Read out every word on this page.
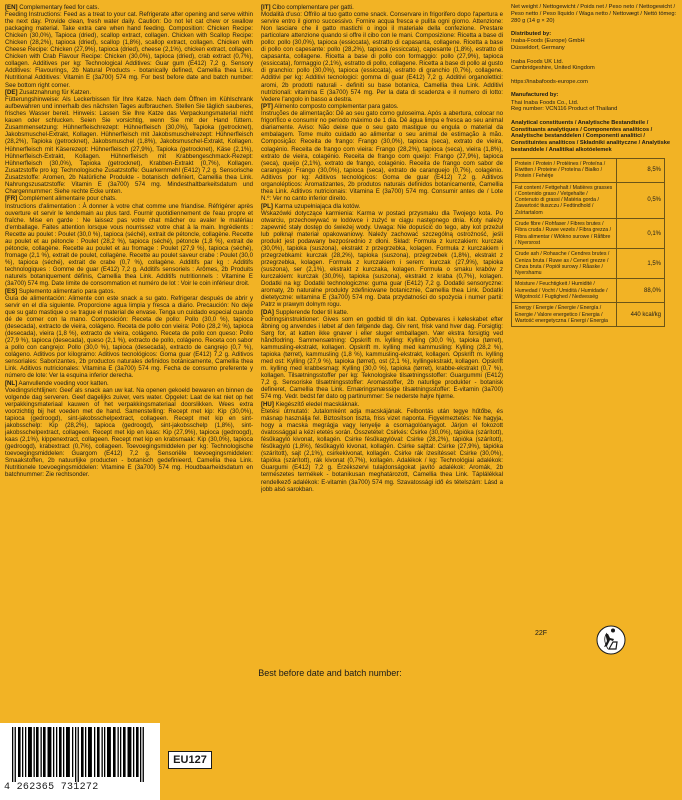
[EN] Complementary feed for cats.
Feeding Instructions: Feed as a treat to your cat. Refrigerate after opening and serve within the next day. Provide clean, fresh water daily. Caution: Do not let cat chew or swallow packaging material. Take extra care when hand feeding. Composition: Chicken Recipe: Chicken (30,0%), Tapioca (dried), scallop extract, collagen. Chicken with Scallop Recipe: Chicken (28,2%), tapioca (dried), scallop (1,8%), scallop extract, collagen. Chicken with Cheese Recipe: Chicken (27,9%), tapioca (dried), cheese (2,1%), chicken extract, collagen. Chicken with Crab Flavour Recipe: Chicken (30,0%), tapioca (dried), crab extract (0,7%), collagen. Additives per kg: Technological Additives: Guar gum (E412) 7,2 g. Sensory Additives: Flavourings, 2b Natural Products - botanically defined, Camellia thea Link. Nutritional Additives: Vitamin E (3a700) 574 mg. For best before date and batch number: See bottom right corner.

[DE] Zusatznahrung für Katzen.
Fütterungshinweise: Als Leckerbissen für Ihre Katze. Nach dem Öffnen im Kühlschrank aufbewahren und innerhalb des nächsten Tages aufbrauchen. Stellen Sie täglich sauberes, frisches Wasser bereit. Hinweis: Lassen Sie Ihre Katze das Verpackungsmaterial nicht kauen oder schlucken. Seien Sie vorsichtig, wenn Sie mit der Hand füttern. Zusammensetzung: Hühnerfleischrezept: Hühnerfleisch (30,0%), Tapioka (getrocknet), Jakobsmuschel-Extrakt, Kollagen. Hühnerfleisch mit Jakobsmuschelrezept: Hühnerfleisch (28,2%), Tapioka (getrocknet), Jakobsmuschel (1,8%), Jakobsmuschel-Extrakt, Kollagen. Hühnerfleisch mit Käserezept: Hühnerfleisch (27,9%), Tapioka (getrocknet), Käse (2,1%), Hühnerfleisch-Extrakt, Kollagen. Hühnerfleisch mit Krabbengeschmack-Rezept: Hühnerfleisch (30,0%), Tapioka (getrocknet), Krabben-Extrakt (0,7%), Kollagen. Zusatzstoffe pro kg: Technologische Zusatzstoffe: Guarkernmehl (E412) 7,2 g. Sensorische Zusatzstoffe: Aromen, 2b Natürliche Produkte - botanisch definiert, Camellia thea Link. Nahrungszusatzstoffe: Vitamin E (3a700) 574 mg. Mindesthaltbarkeitsdatum und Chargennummer: Siehe rechte Ecke unten.

[FR] Complément alimentaire pour chats.
Instructions d'alimentation : À donner à votre chat comme une friandise. Réfrigérer après ouverture et servir le lendemain au plus tard. Fournir quotidiennement de l'eau propre et fraîche. Mise en garde : Ne laissez pas votre chat mâcher ou avaler le matériau d'emballage. Faites attention lorsque vous nourrissez votre chat à la main. Ingrédients : Recette au poulet : Poulet (30,0 %), tapioca (séché), extrait de pétoncle, collagène. Recette au poulet et au pétoncle : Poulet (28,2 %), tapioca (séché), pétoncle (1,8 %), extrait de pétoncle, collagène. Recette au poulet et au fromage : Poulet (27,9 %), tapioca (séché), fromage (2,1 %), extrait de poulet, collagène. Recette au poulet saveur crabe : Poulet (30,0 %), tapioca (séché), extrait de crabe (0,7 %), collagène. Additifs par kg : Additifs technologiques : Gomme de guar (E412) 7,2 g. Additifs sensoriels : Arômes, 2b Produits naturels botaniquement définis, Camellia thea Link. Additifs nutritionnels : Vitamine E (3a700) 574 mg. Date limite de consommation et numéro de lot : Voir le coin inférieur droit.

[ES] Suplemento alimentario para gatos.
Guía de alimentación: Alimente con este snack a su gato. Refrigerar después de abrir y servir en el día siguiente. Proporcione agua limpia y fresca a diario. Precaución: No deje que su gato mastique o se trague el material de envase. Tenga un cuidado especial cuando dé de comer con la mano. Composición: Receta de pollo: Pollo (30,0 %), tapioca (desecada), extracto de vieira, colágeno. Receta de pollo con vieira: Pollo (28,2 %), tapioca (desecada), vieira (1,8 %), extracto de vieira, colágeno. Receta de pollo con queso: Pollo (27,9 %), tapioca (desecada), queso (2,1 %), extracto de pollo, colágeno. Receta con sabor a pollo con cangrejo: Pollo (30,0 %), tapioca (desecada), extracto de cangrejo (0,7 %), colágeno. Aditivos por kilogramo: Aditivos tecnológicos: Goma guar (E412) 7,2 g. Aditivos sensoriales: Saborizantes, 2b productos naturales definidos botánicamente, Camellia thea Link. Aditivos nutricionales: Vitamina E (3a700) 574 mg. Fecha de consumo preferente y número de lote: Ver la esquina inferior derecha.

[NL] Aanvullende voeding voor katten.
Voedingsrichtlijnen: Geef als snack aan uw kat. Na openen gekoeld bewaren en binnen de volgende dag serveren. Geef dagelijks zuiver, vers water. Opgelet: Laat de kat niet op het verpakkingsmateriaal kauwen of het verpakkingsmateriaal doorslikken. Wees extra voorzichtig bij het voeden met de hand. Samenstelling: Recept met kip: Kip (30,0%), tapioca (gedroogd), sint-jakobsschelpextract, collageen. Recept met kip en sint-jakobsschelp: Kip (28,2%), tapioca (gedroogd), sint-jakobsschelp (1,8%), sint-jakobsschelpextract, collageen. Recept met kip en kaas: Kip (27,9%), tapioca (gedroogd), kaas (2,1%), kippenextract, collageen. Recept met kip en krabsmaak: Kip (30,0%), tapioca (gedroogd), krabextract (0,7%), collageen. Toevoegingsmiddelen per kg: Technologische toevoegingsmiddelen: Guargom (E412) 7,2 g. Sensoriële toevoegingsmiddelen: Smaakstoffen, 2b natuurlijke producten - botanisch gedefinieerd, Camellia thea Link. Nutritionele toevoegingsmiddelen: Vitamine E (3a700) 574 mg. Houdbaarheidsdatum en batchnummer: Zie rechtsonder.

[IT] Cibo complementare per gatti.
Modalità d'uso: Offrilo al tuo gatto come snack. Conservare in frigorifero dopo l'apertura e servire entro il giorno successivo. Fornire acqua fresca e pulita ogni giorno. Attenzione: Non lasciare che il gatto mastichi o ingoi il materiale della confezione. Prestare particolare attenzione quando si offre il cibo con le mani. Composizione: Ricetta a base di pollo: pollo (30,0%), tapioca (essiccata), estratto di capasanta, collagene. Ricetta a base di pollo con capesante: pollo (28,2%), tapioca (essiccata), capesante (1,8%), estratto di capasanta, collagene. Ricetta a base di pollo con formaggio: pollo (27,9%), tapioca (essiccata), formaggio (2,1%), estratto di pollo, collagene. Ricetta a base di pollo al gusto di granchio: pollo (30,0%), tapioca (essiccata), estratto di granchio (0,7%), collagene. Additivi per kg: Additivi tecnologici: gomma di guar (E412) 7,2 g. Additivi organolettici: aromi, 2b prodotti naturali - definiti su base botanica, Camellia thea Link. Additivi nutrizionali: vitamina E (3a700) 574 mg. Per la data di scadenza e il numero di lotto: Vedere l'angolo in basso a destra.

[PT] Alimento composto complementar para gatos.
Instruções de alimentação: Dê ao seu gato como guloseima. Após a abertura, colocar no frigorífico e consumir no período máximo de 1 dia. Dê água limpa e fresca ao seu animal diariamente. Aviso: Não deixe que o seu gato mastigue ou engula o material da embalagem. Tome muito cuidado ao alimentar o seu animal de estimação à mão. Composição: Receita de frango: Frango (30,0%), tapioca (seca), extrato de vieira, colagénio. Receita de frango com vieira: Frango (28,2%), tapioca (seca), vieira (1,8%), extrato de vieira, colagénio. Receita de frango com queijo: Frango (27,9%), tapioca (seca), queijo (2,1%), extrato de frango, colagénio. Receita de frango com sabor de caranguejo: Frango (30,0%), tapioca (seca), extrato de caranguejo (0,7%), colagénio. Aditivos por kg: Aditivos tecnológicos: Goma de guar (E412) 7,2 g. Aditivos organolépticos: Aromatizantes, 2b produtos naturais definidos botanicamente, Camellia thea Link. Aditivos nutricionais: Vitamina E (3a700) 574 mg. Consumir antes de / Lote N.º: Ver no canto inferior direito.

[PL] Karma uzupełniająca dla kotów.
Wskazówki dotyczące karmienia: Karma w postaci przysmaku dla Twojego kota. Po otwarciu, przechowywać w lodówce i zużyć w ciągu następnego dnia. Koty należy zapewnić stały dostęp do świeżej wody. Uwaga: Nie dopuścić do tego, aby kot przeżuł lub połknął materiał opakowaniowy. Należy zachować szczególną ostrożność, jeśli produkt jest podawany bezpośrednio z dłoni. Skład: Formuła z kurczakiem: kurczak (30,0%), tapioka (suszona), ekstrakt z przegrzebka, kolagen. Formuła z kurczakiem i przegrzebkami: kurczak (28,2%), tapioka (suszona), przegrzebek (1,8%), ekstrakt z przegrzebka, kolagen. Formuła z kurczakiem i serem: kurczak (27,9%), tapioka (suszona), ser (2,1%), ekstrakt z kurczaka, kolagen. Formuła o smaku krabów z kurczakiem: kurczak (30,0%), tapioka (suszona), ekstrakt z kraba (0,7%), kolagen. Dodatki na kg: Dodatki technologiczne: guma guar (E412) 7,2 g. Dodatki sensoryczne: aromaty, 2b naturalne produkty zdefiniowane botanicznie, Camellia thea Link. Dodatki dietetyczne: witamina E (3a700) 574 mg. Data przydatności do spożycia i numer partii: Patrz w prawym dolnym rogu.

[DA] Supplerende foder til katte.
Fodringsinstruktioner: Gives som en godbid til din kat. Opbevares i køleskabet efter åbning og anvendes i løbet af den følgende dag. Giv rent, frisk vand hver dag. Forsigtig: Sørg for, at katten ikke gnaver i eller sluger emballagen. Vær ekstra forsigtig ved håndfodring. Sammensætning: Opskrift m. kylling: Kylling (30,0 %), tapioka (tørret), kammusling-ekstrakt, kollagen. Opskrift m. kylling med kammusling: Kylling (28,2 %), tapioka (tørret), kammusling (1,8 %), kammusling-ekstrakt, kollagen. Opskrift m. kylling med ost: Kylling (27,9 %), tapioka (tørret), ost (2,1 %), kyllingekstrakt, kollagen. Opskrift m. kylling med krabbesmag: Kylling (30,0 %), tapioka (tørret), krabbe-ekstrakt (0,7 %), kollagen. Tilsætningsstoffer per kg: Teknologiske tilsætningsstoffer: Guargummi (E412) 7,2 g. Sensoriske tilsætningsstoffer: Aromastoffer, 2b naturlige produkter - botanisk defineret, Camellia thea Link. Ernæringsmæssige tilsætningsstoffer: E-vitamin (3a700) 574 mg. Vedr. bedst før dato og partinummer: Se nederste højre hjørne.

[HU] Kiegészítő eledel macskáknak.
Etetési útmutató: Jutalomként adja macskájának. Felbontás után tegye hűtőbe, és másnap használja fel. Biztosítson tiszta, friss vizet naponta. Figyelmeztetés: Ne hagyja, hogy a macska megrágja vagy lenyelje a csomagolóanyagot. Járjon el fokozott óvatossággal a kézi etetés során. Összetétel: Csirkés: Csirke (30,0%), tápióka (szárított), fésűkagyló kivonat, kollagén. Csirke fésűkagylóval: Csirke (28,2%), tápióka (szárított), fésűkagyló (1,8%), fésűkagyló kivonat, kollagén. Csirke sajttal: Csirke (27,9%), tápióka (szárított), sajt (2,1%), csirkekivonat, kollagén. Csirke rák ízesítéssel: Csirke (30,0%), tápióka (szárított), rák kivonat (0,7%), kollagén. Adalékok / kg: Technológiai adalékok: Guargumi (E412) 7,2 g. Érzékszervi tulajdonságokat javító adalékok: Aromák, 2b természetes termékek - botanikusan meghatározott, Camellia thea Link. Táplálékkal rendelkező adalékok: E-vitamin (3a700) 574 mg. Szavatossági idő és tételszám: Lásd a jobb alsó sarokban.

Net weight / Nettogewicht / Poids net / Peso neto / Nettogewicht / Peso netto / Peso líquido / Waga netto / Nettovægt / Nettó tömeg: 280 g (14 g × 20)

Distributed by:

Inaba-Foods (Europe) GmbH
Düsseldorf, Germany

Inaba Foods UK Ltd.
Cambridgeshire, United Kingdom

https://inabafoods-europe.com

Manufactured by:

Thai Inaba Foods Co., Ltd.
Reg number: VCN116 Product of Thailand

Analytical constituents / Analytische Bestandteile / Constituants analytiques / Componentes analíticos / Analytische bestanddelen / Componenti analitici / Constituintes analíticos / Składniki analityczne / Analytiske bestanddele / Analitikai alkotóelemek

Protein / Protein / Protéines / Proteína / Eiwitten / Proteine / Proteína / Białko / Protein / Fehérje	8,5%
Fat content / Fettgehalt / Matières grasses / Contenido graso / Vetgehalte / Contenuto di grassi / Matéria gorda / Zawartość tłuszczu / Fedtindhold / Zsírtartalom	0,5%
Crude fibre / Rohfaser / Fibres brutes / Fibra cruda / Ruwe vezels / Fibra grezza / Fibra alimentar / Włókno surowe / Råfibre / Nyersrost	0,1%
Crude ash / Rohasche / Cendres brutes / Ceniza bruta / Ruwe as / Ceneri grezze / Cinza bruta / Popiół surowy / Råaske / Nyershamu	1,5%
Moisture / Feuchtigkeit / Humidité / Humedad / Vocht / Umidità / Humidade / Wilgotność / Fugtighed / Nedvesség	88,0%
Energy / Energie / Énergie / Energía / Energie / Valore energetico / Energia / Wartość energetyczna / Energi / Energia	440 kcal/kg
22F
Best before date and batch number:
4 262365 731272
EU127
